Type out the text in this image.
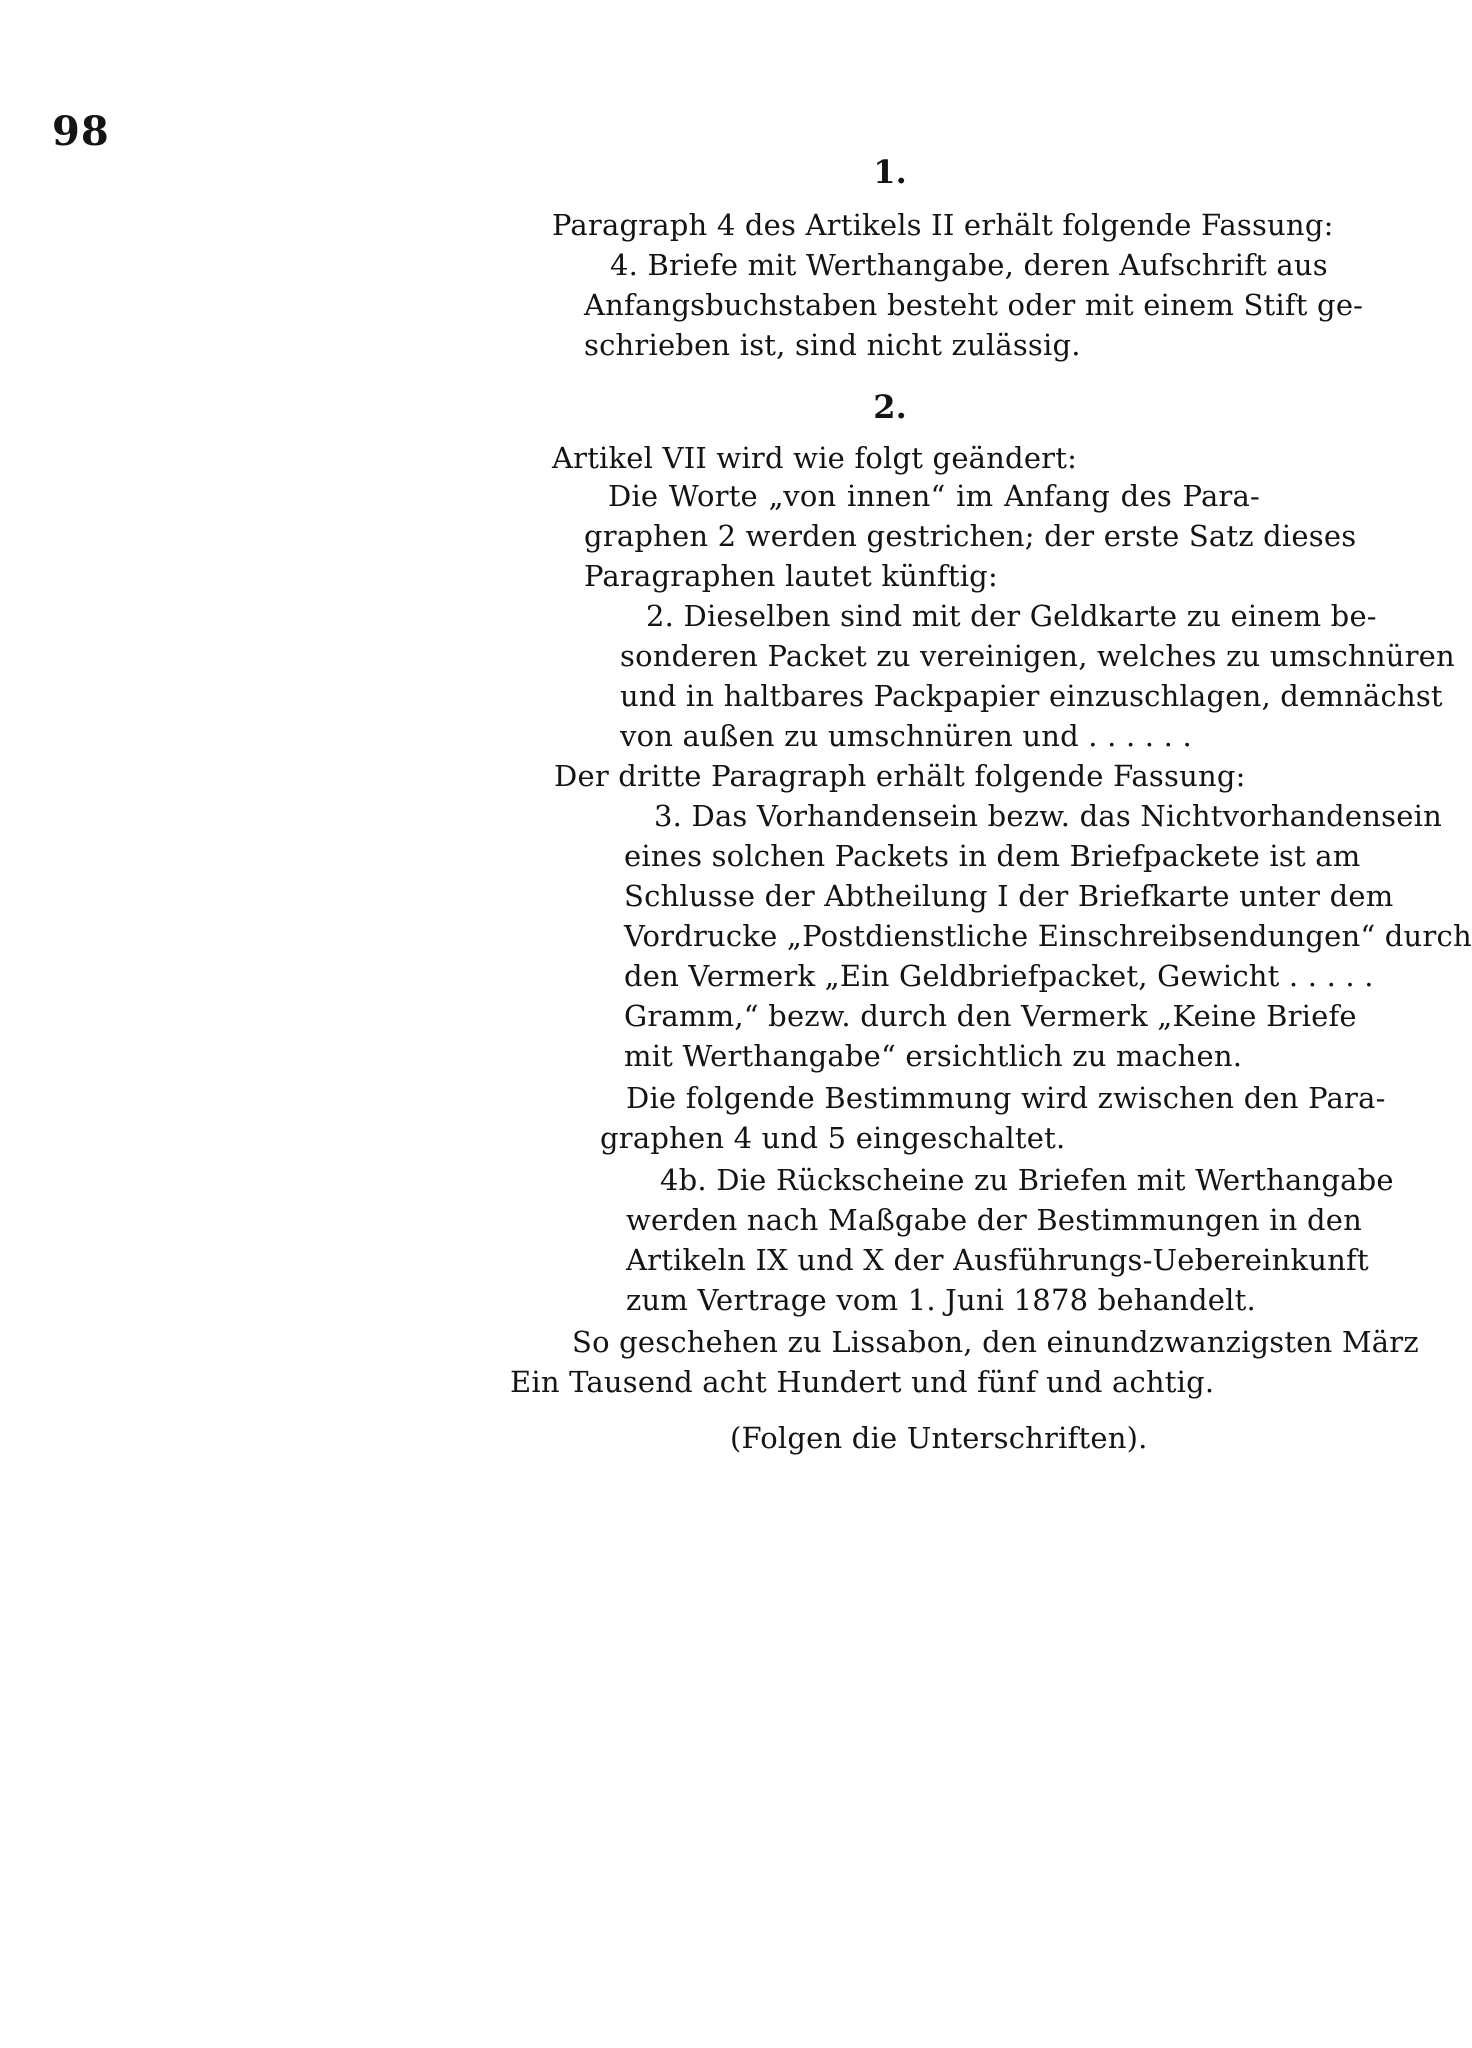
98
1.
Paragraph 4 des Artikels II erhält folgende Fassung:
4. Briefe mit Werthangabe, deren Aufschrift aus
Anfangsbuchstaben besteht oder mit einem Stift ge-
schrieben ist, sind nicht zulässig.
2.
Artikel VII wird wie folgt geändert:
Die Worte „von innen“ im Anfang des Para-
graphen 2 werden gestrichen; der erste Satz dieses
Paragraphen lautet künftig:
2. Dieselben sind mit der Geldkarte zu einem be-
sonderen Packet zu vereinigen, welches zu umschnüren
und in haltbares Packpapier einzuschlagen, demnächst
von außen zu umschnüren und . . . . . .
Der dritte Paragraph erhält folgende Fassung:
3. Das Vorhandensein bezw. das Nichtvorhandensein
eines solchen Packets in dem Briefpackete ist am
Schlusse der Abtheilung I der Briefkarte unter dem
Vordrucke „Postdienstliche Einschreibsendungen“ durch
den Vermerk „Ein Geldbriefpacket, Gewicht . . . . .
Gramm,“ bezw. durch den Vermerk „Keine Briefe
mit Werthangabe“ ersichtlich zu machen.
Die folgende Bestimmung wird zwischen den Para-
graphen 4 und 5 eingeschaltet.
4b. Die Rückscheine zu Briefen mit Werthangabe
werden nach Maßgabe der Bestimmungen in den
Artikeln IX und X der Ausführungs-Uebereinkunft
zum Vertrage vom 1. Juni 1878 behandelt.
So geschehen zu Lissabon, den einundzwanzigsten März
Ein Tausend acht Hundert und fünf und achtig.
(Folgen die Unterschriften).
